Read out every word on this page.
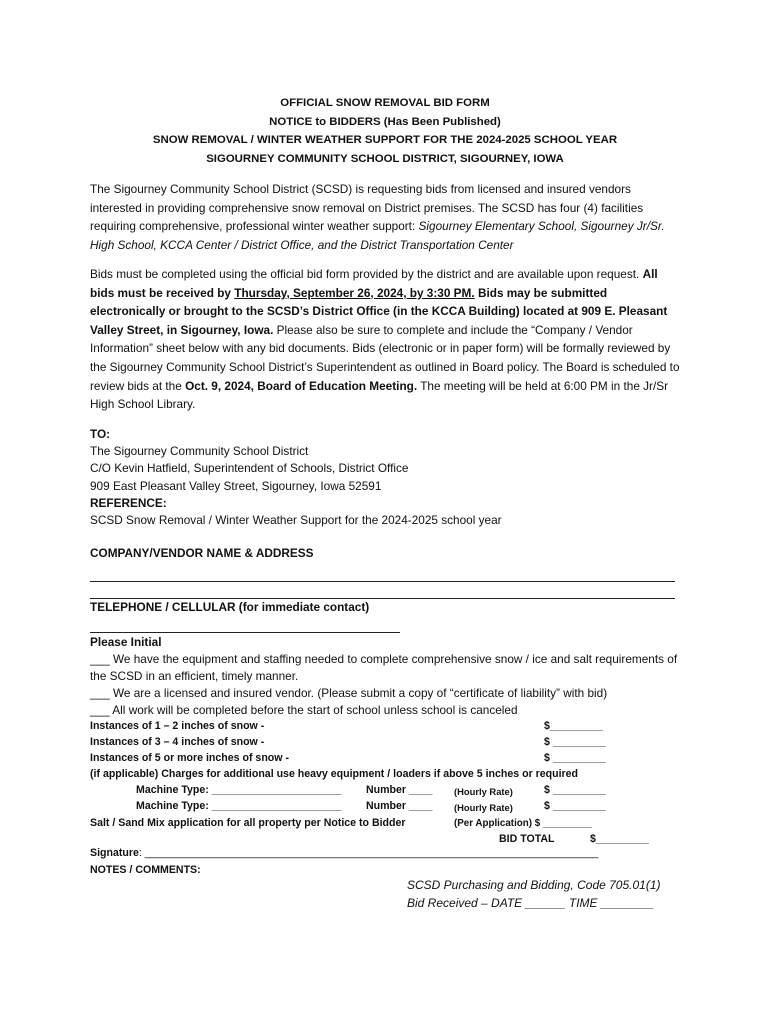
OFFICIAL SNOW REMOVAL BID FORM
NOTICE to BIDDERS (Has Been Published)
SNOW REMOVAL / WINTER WEATHER SUPPORT FOR THE 2024-2025 SCHOOL YEAR
SIGOURNEY COMMUNITY SCHOOL DISTRICT, SIGOURNEY, IOWA
The Sigourney Community School District (SCSD) is requesting bids from licensed and insured vendors interested in providing comprehensive snow removal on District premises. The SCSD has four (4) facilities requiring comprehensive, professional winter weather support: Sigourney Elementary School, Sigourney Jr/Sr. High School, KCCA Center / District Office, and the District Transportation Center
Bids must be completed using the official bid form provided by the district and are available upon request. All bids must be received by Thursday, September 26, 2024, by 3:30 PM. Bids may be submitted electronically or brought to the SCSD’s District Office (in the KCCA Building) located at 909 E. Pleasant Valley Street, in Sigourney, Iowa. Please also be sure to complete and include the “Company / Vendor Information” sheet below with any bid documents. Bids (electronic or in paper form) will be formally reviewed by the Sigourney Community School District’s Superintendent as outlined in Board policy. The Board is scheduled to review bids at the Oct. 9, 2024, Board of Education Meeting. The meeting will be held at 6:00 PM in the Jr/Sr High School Library.
TO:
The Sigourney Community School District
C/O Kevin Hatfield, Superintendent of Schools, District Office
909 East Pleasant Valley Street, Sigourney, Iowa 52591
REFERENCE:
SCSD Snow Removal / Winter Weather Support for the 2024-2025 school year
COMPANY/VENDOR NAME & ADDRESS
TELEPHONE / CELLULAR (for immediate contact)
Please Initial
___ We have the equipment and staffing needed to complete comprehensive snow / ice and salt requirements of the SCSD in an efficient, timely manner.
___ We are a licensed and insured vendor. (Please submit a copy of “certificate of liability” with bid)
___ All work will be completed before the start of school unless school is canceled
Instances of 1 – 2 inches of snow -	$_________
Instances of 3 – 4 inches of snow -	$ _________
Instances of 5 or more inches of snow -	$ _________
(if applicable) Charges for additional use heavy equipment / loaders if above 5 inches or required
Machine Type: ______________________ Number ____ (Hourly Rate)	$ _________
Machine Type: ______________________ Number ____ (Hourly Rate)	$ _________
Salt / Sand Mix application for all property per Notice to Bidder	(Per Application) $ _________
BID TOTAL	$_________
Signature: _____________________________________________________________________________
NOTES / COMMENTS:
SCSD Purchasing and Bidding, Code 705.01(1)
Bid Received – DATE ______ TIME ________
